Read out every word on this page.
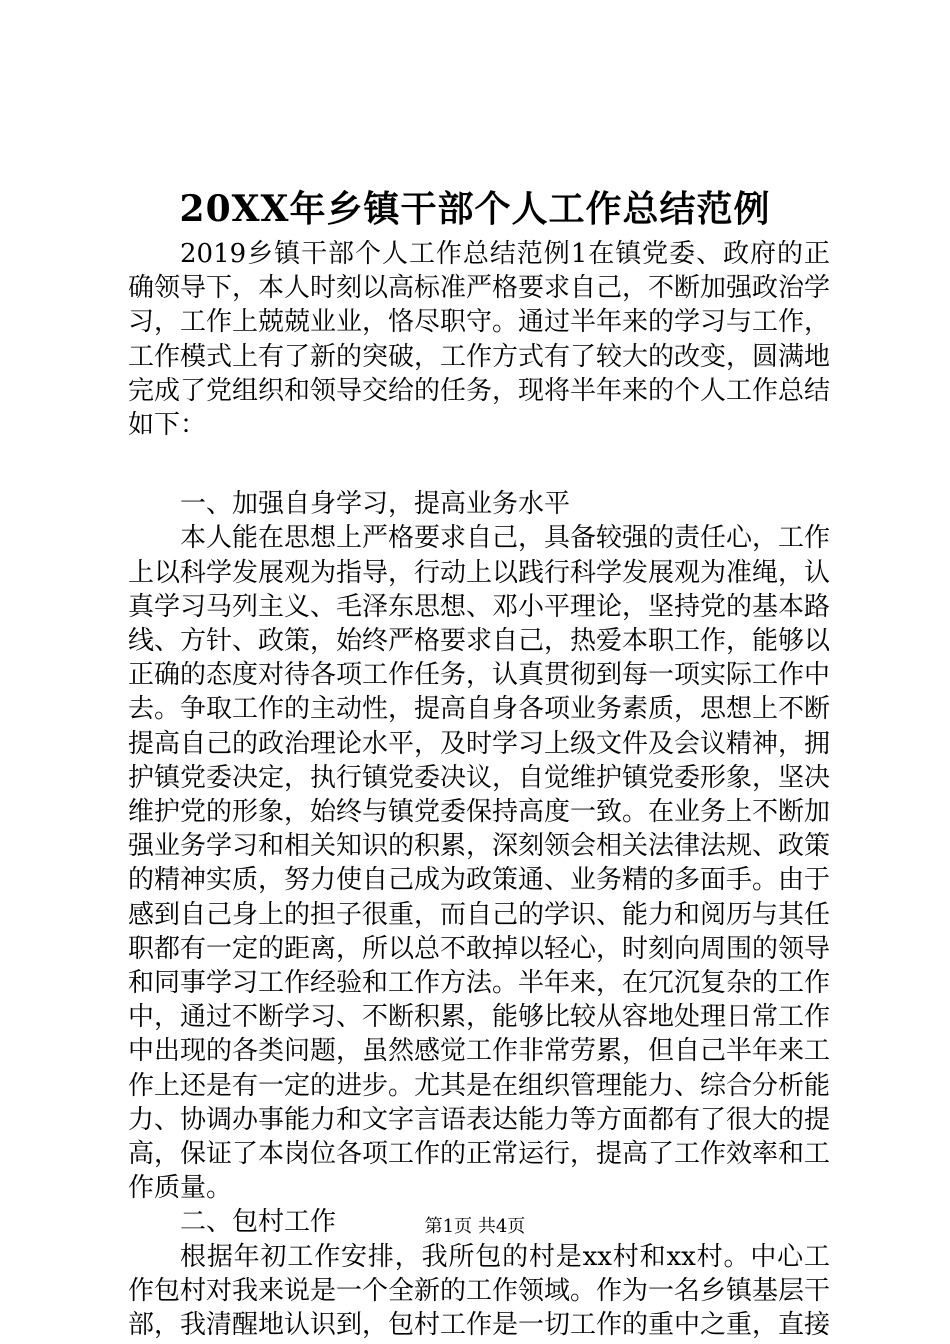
20XX年乡镇干部个人工作总结范例

2019乡镇干部个人工作总结范例1在镇党委、政府的正确领导下，本人时刻以高标准严格要求自己，不断加强政治学习，工作上兢兢业业，恪尽职守。通过半年来的学习与工作，工作模式上有了新的突破，工作方式有了较大的改变，圆满地完成了党组织和领导交给的任务，现将半年来的个人工作总结如下：

一、加强自身学习，提高业务水平

本人能在思想上严格要求自己，具备较强的责任心，工作上以科学发展观为指导，行动上以践行科学发展观为准绳，认真学习马列主义、毛泽东思想、邓小平理论，坚持党的基本路线、方针、政策，始终严格要求自己，热爱本职工作，能够以正确的态度对待各项工作任务，认真贯彻到每一项实际工作中去。争取工作的主动性，提高自身各项业务素质，思想上不断提高自己的政治理论水平，及时学习上级文件及会议精神，拥护镇党委决定，执行镇党委决议，自觉维护镇党委形象，坚决维护党的形象，始终与镇党委保持高度一致。在业务上不断加强业务学习和相关知识的积累，深刻领会相关法律法规、政策的精神实质，努力使自己成为政策通、业务精的多面手。由于感到自己身上的担子很重，而自己的学识、能力和阅历与其任职都有一定的距离，所以总不敢掉以轻心，时刻向周围的领导和同事学习工作经验和工作方法。半年来，在冗沉复杂的工作中，通过不断学习、不断积累，能够比较从容地处理日常工作中出现的各类问题，虽然感觉工作非常劳累，但自己半年来工作上还是有一定的进步。尤其是在组织管理能力、综合分析能力、协调办事能力和文字言语表达能力等方面都有了很大的提高，保证了本岗位各项工作的正常运行，提高了工作效率和工作质量。

二、包村工作

根据年初工作安排，我所包的村是xx村和xx村。中心工作包村对我来说是一个全新的工作领域。作为一名乡镇基层干部，我清醒地认识到，包村工作是一切工作的重中之重，直接

第1页 共4页
